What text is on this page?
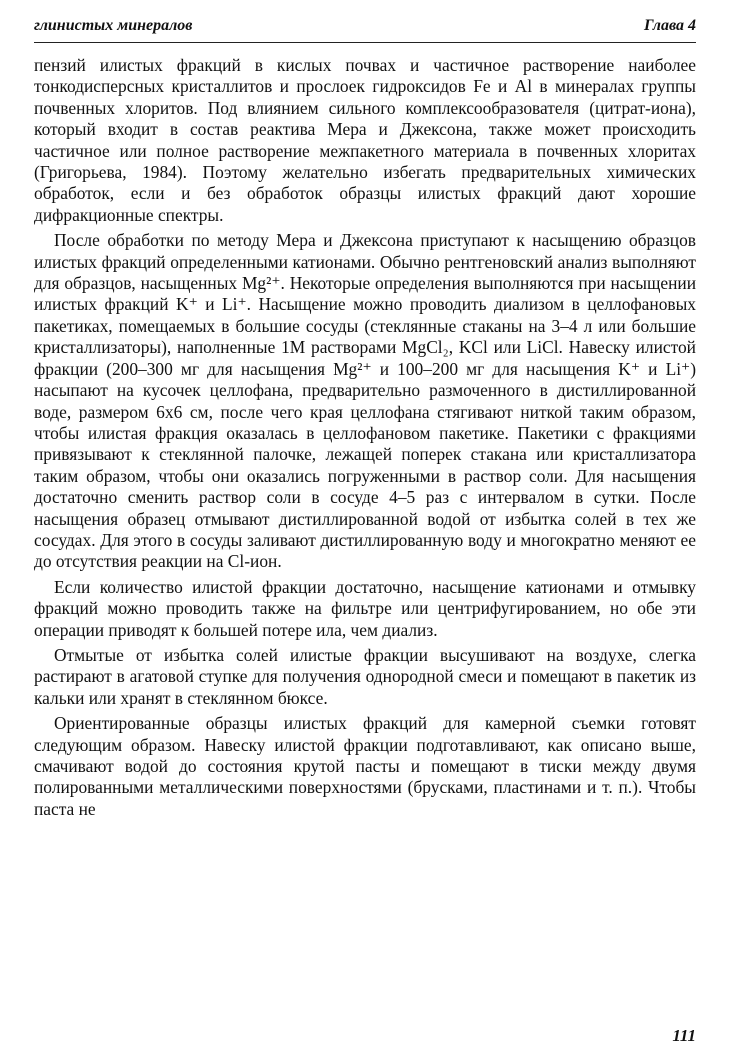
глинистых минералов	Глава 4

пензий илистых фракций в кислых почвах и частичное растворение наиболее тонкодисперсных кристаллитов и прослоек гидроксидов Fe и Al в минералах группы почвенных хлоритов. Под влиянием сильного комплексообразователя (цитрат-иона), который входит в состав реактива Мера и Джексона, также может происходить частичное или полное растворение межпакетного материала в почвенных хлоритах (Григорьева, 1984). Поэтому желательно избегать предварительных химических обработок, если и без обработок образцы илистых фракций дают хорошие дифракционные спектры.

После обработки по методу Мера и Джексона приступают к насыщению образцов илистых фракций определенными катионами. Обычно рентгеновский анализ выполняют для образцов, насыщенных Mg²⁺. Некоторые определения выполняются при насыщении илистых фракций K⁺ и Li⁺. Насыщение можно проводить диализом в целлофановых пакетиках, помещаемых в большие сосуды (стеклянные стаканы на 3–4 л или большие кристаллизаторы), наполненные 1М растворами MgCl₂, KCl или LiCl. Навеску илистой фракции (200–300 мг для насыщения Mg²⁺ и 100–200 мг для насыщения K⁺ и Li⁺) насыпают на кусочек целлофана, предварительно размоченного в дистиллированной воде, размером 6х6 см, после чего края целлофана стягивают ниткой таким образом, чтобы илистая фракция оказалась в целлофановом пакетике. Пакетики с фракциями привязывают к стеклянной палочке, лежащей поперек стакана или кристаллизатора таким образом, чтобы они оказались погруженными в раствор соли. Для насыщения достаточно сменить раствор соли в сосуде 4–5 раз с интервалом в сутки. После насыщения образец отмывают дистиллированной водой от избытка солей в тех же сосудах. Для этого в сосуды заливают дистиллированную воду и многократно меняют ее до отсутствия реакции на Cl-ион.

Если количество илистой фракции достаточно, насыщение катионами и отмывку фракций можно проводить также на фильтре или центрифугированием, но обе эти операции приводят к большей потере ила, чем диализ.

Отмытые от избытка солей илистые фракции высушивают на воздухе, слегка растирают в агатовой ступке для получения однородной смеси и помещают в пакетик из кальки или хранят в стеклянном бюксе.

Ориентированные образцы илистых фракций для камерной съемки готовят следующим образом. Навеску илистой фракции подготавливают, как описано выше, смачивают водой до состояния крутой пасты и помещают в тиски между двумя полированными металлическими поверхностями (брусками, пластинами и т. п.). Чтобы паста не

111
